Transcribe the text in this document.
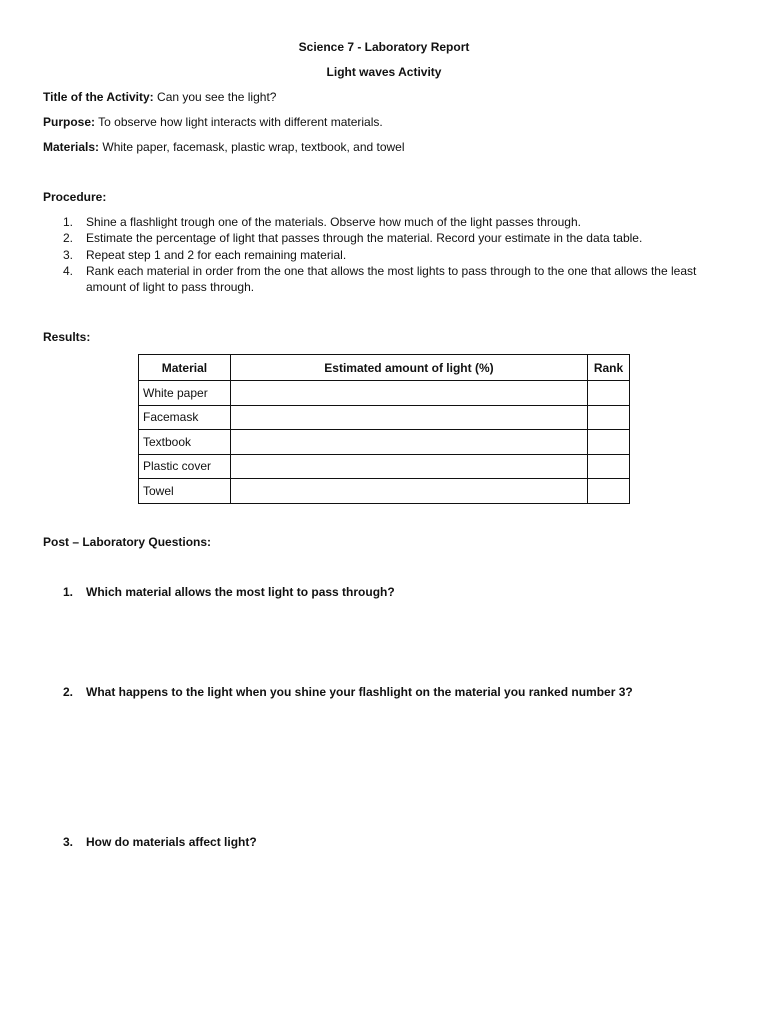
Science 7 - Laboratory Report
Light waves Activity
Title of the Activity: Can you see the light?
Purpose: To observe how light interacts with different materials.
Materials: White paper, facemask, plastic wrap, textbook, and towel
Procedure:
1. Shine a flashlight trough one of the materials. Observe how much of the light passes through.
2. Estimate the percentage of light that passes through the material. Record your estimate in the data table.
3. Repeat step 1 and 2 for each remaining material.
4. Rank each material in order from the one that allows the most lights to pass through to the one that allows the least amount of light to pass through.
Results:
Material	Estimated amount of light (%)	Rank
White paper		
Facemask		
Textbook		
Plastic cover		
Towel		
Post – Laboratory Questions:
1. Which material allows the most light to pass through?
2. What happens to the light when you shine your flashlight on the material you ranked number 3?
3. How do materials affect light?
